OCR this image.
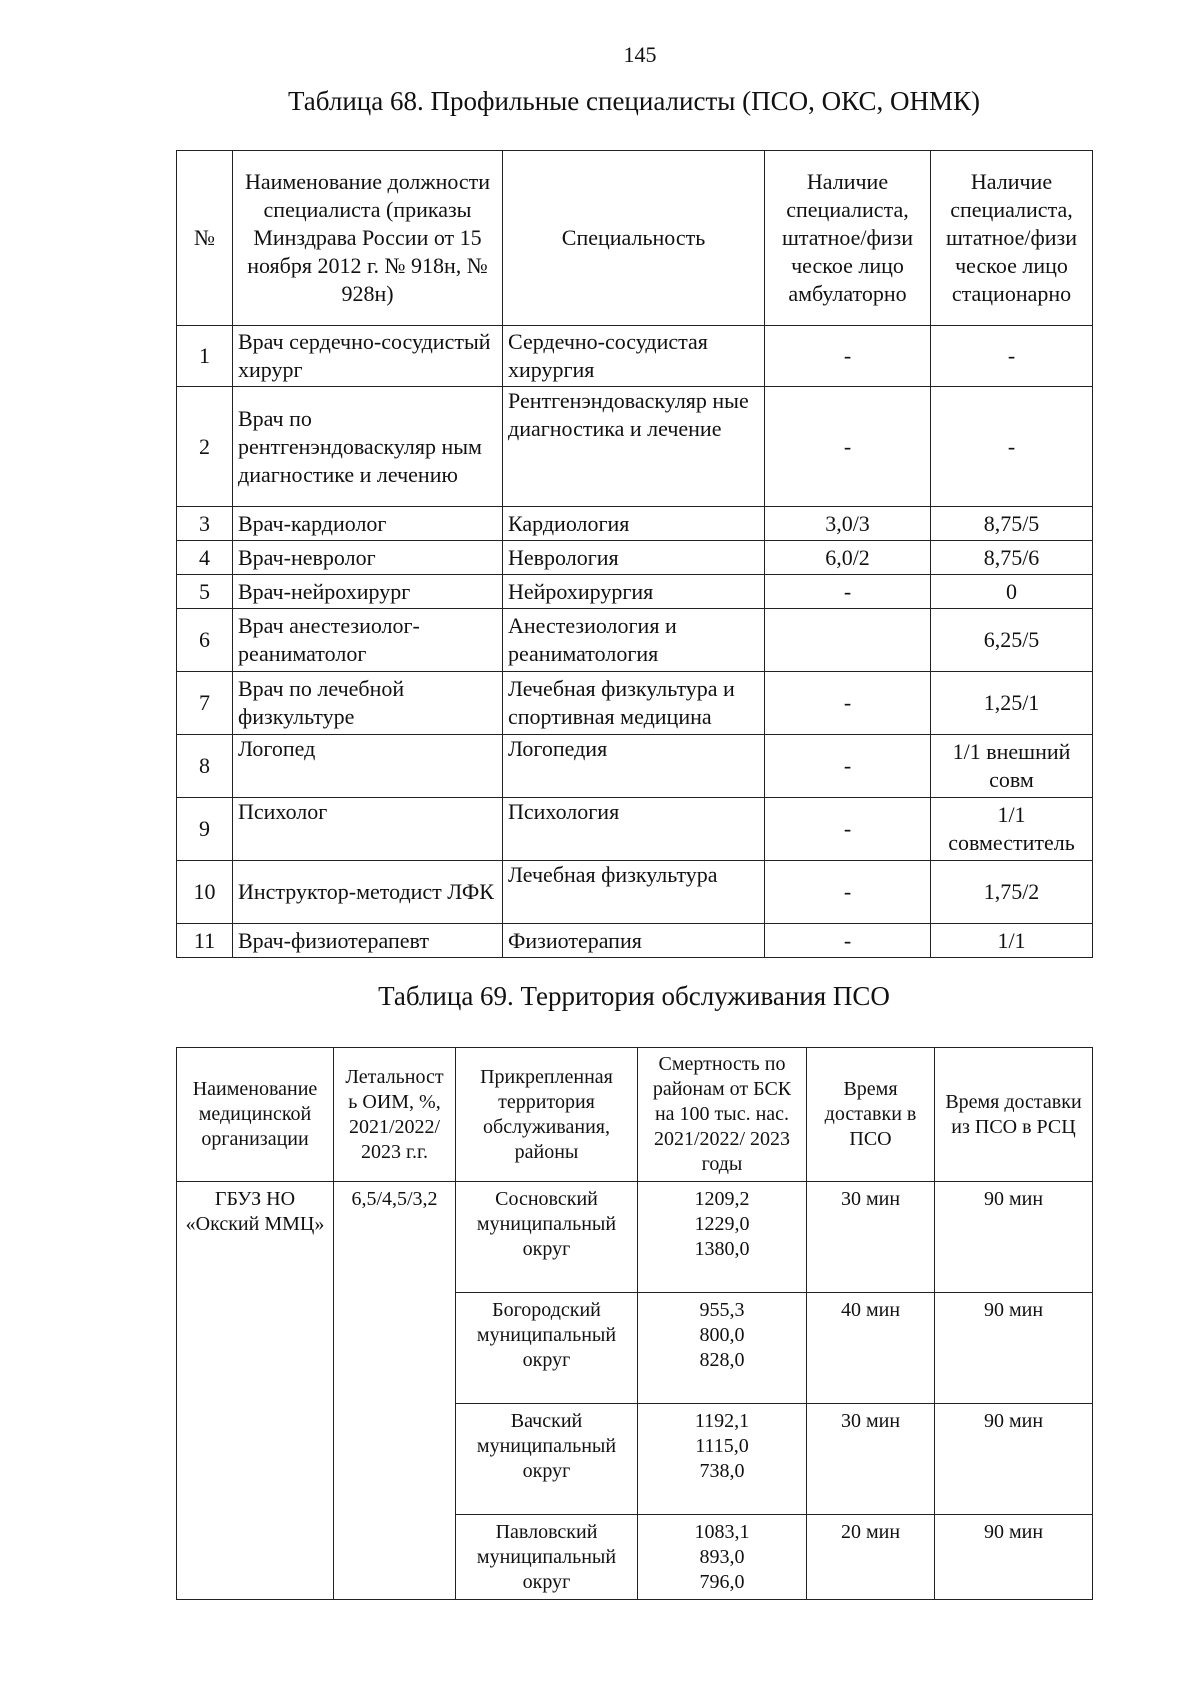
145
Таблица 68. Профильные специалисты (ПСО, ОКС, ОНМК)
№	Наименование должности специалиста (приказы Минздрава России от 15 ноября 2012 г. № 918н, № 928н)	Специальность	Наличие специалиста, штатное/физи ческое лицо амбулаторно	Наличие специалиста, штатное/физи ческое лицо стационарно
1	Врач сердечно-сосудистый хирург	Сердечно-сосудистая хирургия	-	-
2	Врач по рентгенэндоваскуляр ным диагностике и лечению	Рентгенэндоваскуляр ные диагностика и лечение	-	-
3	Врач-кардиолог	Кардиология	3,0/3	8,75/5
4	Врач-невролог	Неврология	6,0/2	8,75/6
5	Врач-нейрохирург	Нейрохирургия	-	0
6	Врач анестезиолог-реаниматолог	Анестезиология и реаниматология		6,25/5
7	Врач по лечебной физкультуре	Лечебная физкультура и спортивная медицина	-	1,25/1
8	Логопед	Логопедия	-	1/1 внешний совм
9	Психолог	Психология	-	1/1 совместитель
10	Инструктор-методист ЛФК	Лечебная физкультура	-	1,75/2
11	Врач-физиотерапевт	Физиотерапия	-	1/1
Таблица 69. Территория обслуживания ПСО
Наименование медицинской организации	Летальност ь ОИМ, %, 2021/2022/ 2023 г.г.	Прикрепленная территория обслуживания, районы	Смертность по районам от БСК на 100 тыс. нас. 2021/2022/ 2023 годы	Время доставки в ПСО	Время доставки из ПСО в РСЦ
ГБУЗ НО «Окский ММЦ»	6,5/4,5/3,2	Сосновский муниципальный округ	1209,2
1229,0
1380,0	30 мин	90 мин
		Богородский муниципальный округ	955,3
800,0
828,0	40 мин	90 мин
		Вачский муниципальный округ	1192,1
1115,0
738,0	30 мин	90 мин
		Павловский муниципальный округ	1083,1
893,0
796,0	20 мин	90 мин
